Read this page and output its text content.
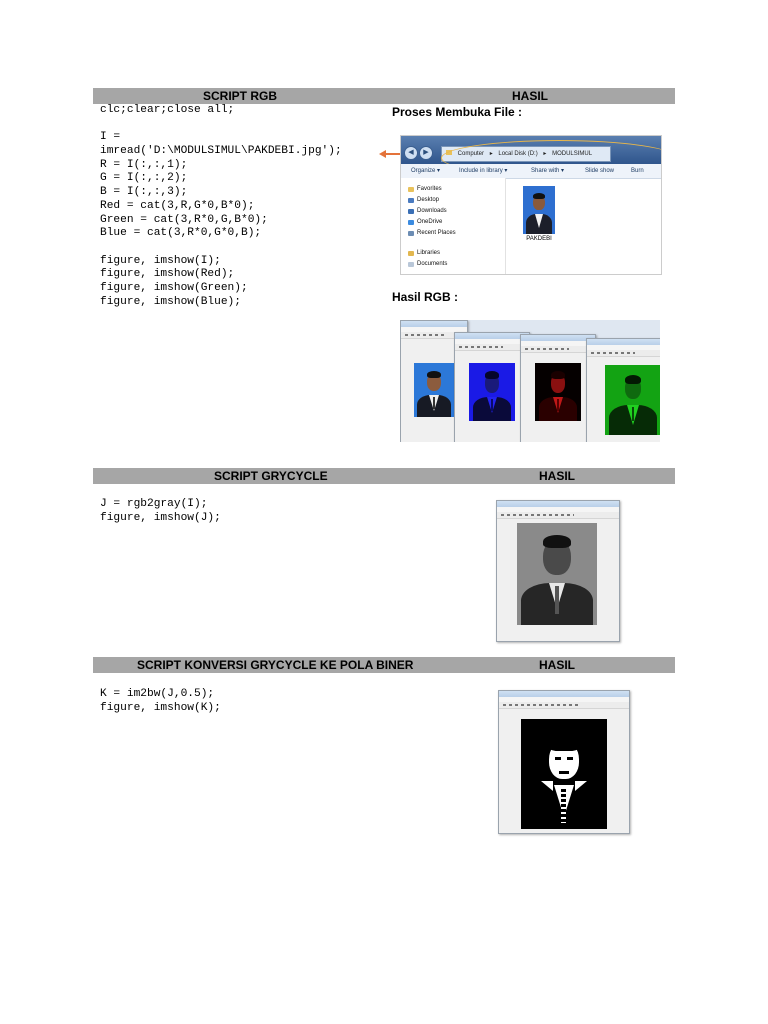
SCRIPT RGB	HASIL
clc;clear;close all;
I =
imread('D:\MODULSIMUL\PAKDEBI.jpg');
R = I(:,:,1);
G = I(:,:,2);
B = I(:,:,3);
Red = cat(3,R,G*0,B*0);
Green = cat(3,R*0,G,B*0);
Blue = cat(3,R*0,G*0,B);
figure, imshow(I);
figure, imshow(Red);
figure, imshow(Green);
figure, imshow(Blue);
Proses Membuka File :
◀	▶	Computer ▸ Local Disk (D:) ▸ MODULSIMUL
Organize ▾	Include in library ▾	Share with ▾	Slide show	Burn
Favorites
Desktop
Downloads
OneDrive
Recent Places
Libraries
Documents
PAKDEBI
Hasil RGB :
SCRIPT GRYCYCLE	HASIL
J = rgb2gray(I);
figure, imshow(J);
SCRIPT KONVERSI GRYCYCLE KE POLA BINER	HASIL
K = im2bw(J,0.5);
figure, imshow(K);
